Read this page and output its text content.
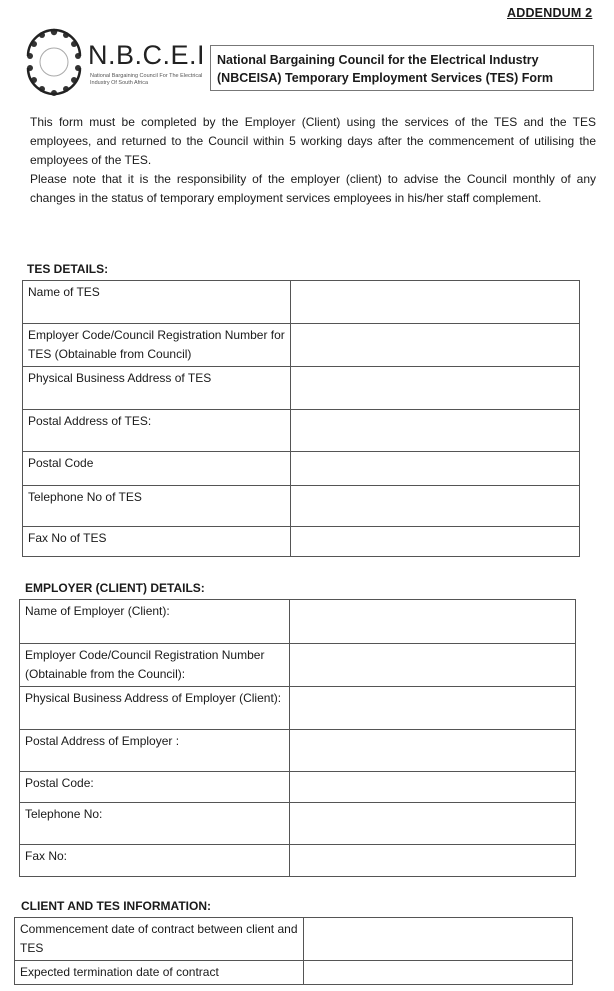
ADDENDUM 2
N.B.C.E.I
National Bargaining Council For The Electrical Industry Of South Africa
National Bargaining Council for the Electrical Industry
(NBCEISA) Temporary Employment Services (TES) Form

This form must be completed by the Employer (Client) using the services of the TES and the TES employees, and returned to the Council within 5 working days after the commencement of utilising the employees of the TES.

Please note that it is the responsibility of the employer (client) to advise the Council monthly of any changes in the status of temporary employment services employees in his/her staff complement.

TES DETAILS:
Name of TES	
Employer Code/Council Registration Number for TES (Obtainable from Council)	
Physical Business Address of TES	
Postal Address of TES:	
Postal Code	
Telephone No of TES	
Fax No of TES	
EMPLOYER (CLIENT) DETAILS:
Name of Employer (Client):	
Employer Code/Council Registration Number (Obtainable from the Council):	
Physical Business Address of Employer (Client):	
Postal Address of Employer :	
Postal Code:	
Telephone No:	
Fax No:	
CLIENT AND TES INFORMATION:
Commencement date of contract between client and TES	
Expected termination date of contract	
